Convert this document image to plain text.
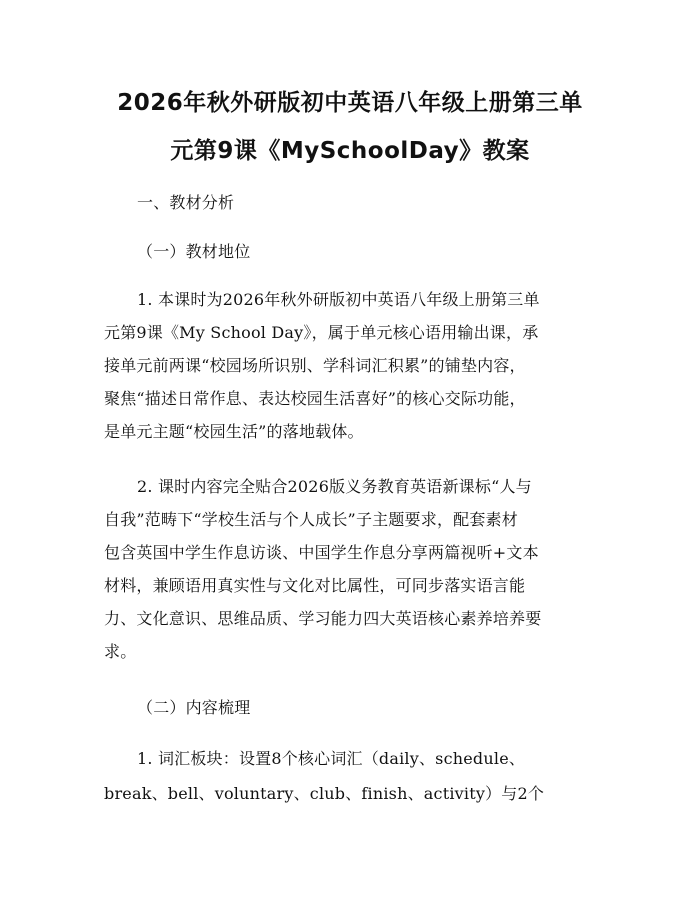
2026年秋外研版初中英语八年级上册第三单
元第9课《MySchoolDay》教案
一、教材分析
（一）教材地位
1. 本课时为2026年秋外研版初中英语八年级上册第三单
元第9课《My School Day》，属于单元核心语用输出课，承
接单元前两课“校园场所识别、学科词汇积累”的铺垫内容，
聚焦“描述日常作息、表达校园生活喜好”的核心交际功能，
是单元主题“校园生活”的落地载体。
2. 课时内容完全贴合2026版义务教育英语新课标“人与
自我”范畴下“学校生活与个人成长”子主题要求，配套素材
包含英国中学生作息访谈、中国学生作息分享两篇视听+文本
材料，兼顾语用真实性与文化对比属性，可同步落实语言能
力、文化意识、思维品质、学习能力四大英语核心素养培养要
求。
（二）内容梳理
1. 词汇板块：设置8个核心词汇（daily、schedule、
break、bell、voluntary、club、finish、activity）与2个
